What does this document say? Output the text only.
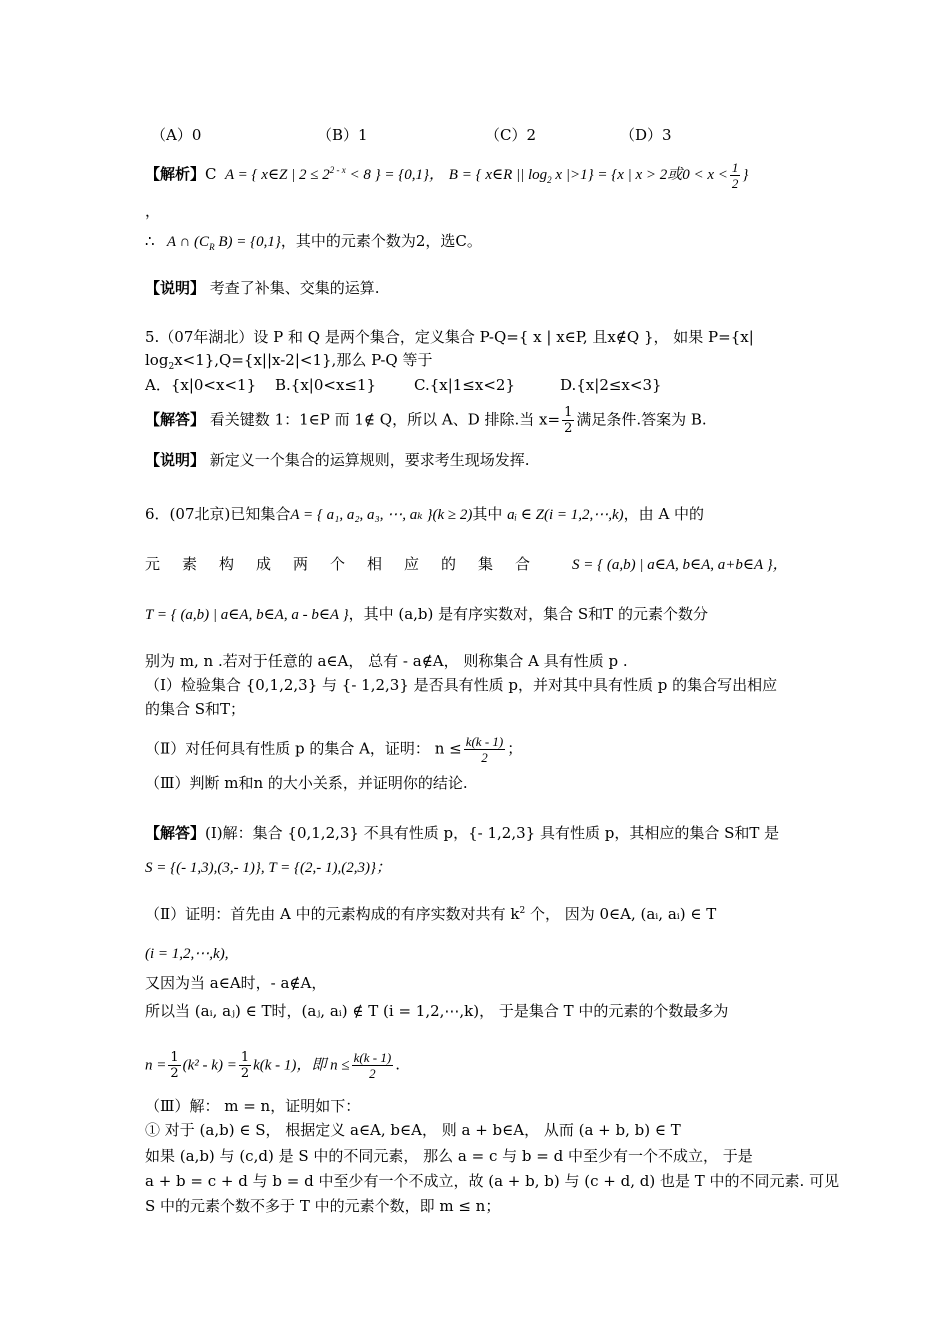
（A）0	（B）1	（C）2	（D）3
【解析】C A = { x∈Z | $2 \le 2^{2 - x} < 8$ } = {0,1}， B = { x∈R || $\log_2 x$ |>1} = {x | x > 2或$0 < x < \frac{1}{2}$ }
，
∴ A ∩ ($C_R$ B) = {0,1}，其中的元素个数为2，选C。
【说明】 考查了补集、交集的运算.
5.（07年湖北）设 P 和 Q 是两个集合，定义集合 P-Q={ x | x∈P, 且x∉Q }， 如果 P={x|
$\log_2x<1\},Q=\{x||x-2|<1\}$,那么 P-Q 等于
A．{x|0<x<1} B.{x|0<x≤1}	C.{x|1≤x<2}	D.{x|2≤x<3}
【解答】 看关键数 1：1∈P 而 1∉ Q，所以 A、D 排除.当 $x= \frac{1}{2}$ 满足条件.答案为 B.
【说明】 新定义一个集合的运算规则，要求考生现场发挥.
6．(07北京)已知集合A = { a₁, a₂, a₃, ⋯, aₖ }(k ≥ 2)其中 aᵢ ∈ Z(i = 1,2,⋯,k)，由 A 中的
元素构成两个相应的集合 S = { (a,b) | a∈A, b∈A, a+b∈A }，
T = { (a,b) | a∈A, b∈A, a - b∈A }，其中 (a,b) 是有序实数对，集合 S和T 的元素个数分
别为 m, n .若对于任意的 a∈A， 总有 - a∉A， 则称集合 A 具有性质 p .
（Ⅰ）检验集合 {0,1,2,3} 与 {- 1,2,3} 是否具有性质 p，并对其中具有性质 p 的集合写出相应
的集合 S和T；
（Ⅱ）对任何具有性质 p 的集合 A，证明： $n \le \frac{k(k - 1)}{2}$ ；
（Ⅲ）判断 m和n 的大小关系，并证明你的结论.
【解答】(Ⅰ)解：集合 {0,1,2,3} 不具有性质 p，{- 1,2,3} 具有性质 p，其相应的集合 S和T 是
S = {(- 1,3),(3,- 1)}, T = {(2,- 1),(2,3)}；
（Ⅱ）证明：首先由 A 中的元素构成的有序实数对共有 $k^2$ 个， 因为 0∈A, (aᵢ, aᵢ) ∈ T
(i = 1,2,⋯,k),
又因为当 a∈A时，- a∉A，
所以当 (aᵢ, aⱼ) ∈ T时，(aⱼ, aᵢ) ∉ T (i = 1,2,⋯,k)， 于是集合 T 中的元素的个数最多为
$n = \frac{1}{2} (k^2 - k) = \frac{1}{2} k(k - 1)$，即 $n \le \frac{k(k - 1)}{2}$ .
（Ⅲ）解： m = n，证明如下：
① 对于 (a,b) ∈ S， 根据定义 a∈A, b∈A， 则 a + b∈A， 从而 (a + b, b) ∈ T
如果 (a,b) 与 (c,d) 是 S 中的不同元素， 那么 a = c 与 b = d 中至少有一个不成立， 于是
a + b = c + d 与 b = d 中至少有一个不成立，故 (a + b, b) 与 (c + d, d) 也是 T 中的不同元素. 可见
S 中的元素个数不多于 T 中的元素个数，即 m ≤ n；
